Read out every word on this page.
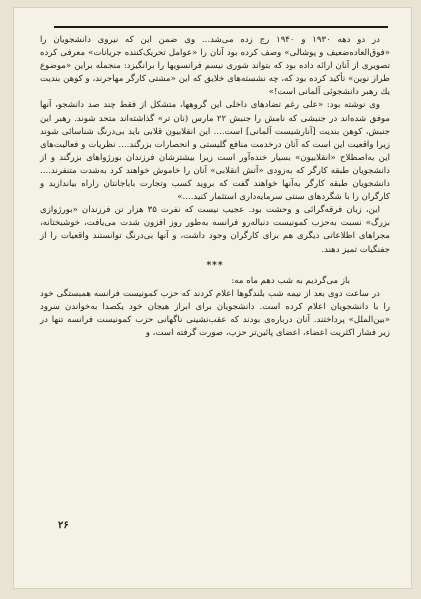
در دو دهه ۱۹۳۰ و ۱۹۴۰ رج زده می‌شد... وی ضمن این که نیروی دانشجویان را «فوق‌العاده‌ضعیف و پوشالی» وصف کرده بود آنان را «عوامل تحریک‌کننده جریانات» معرفی کرده تصویری از آنان ارائه داده بود که بتواند شوری نیسم فرانسویها را برانگیزد: منجمله براین «موضوع طراز نوین» تأکید کرده بود که، چه نشسته‌های خلایق که این «مشتی کارگر مهاجرند، و کوهن بندیت یك رهبر دانشجوئی آلمانی است!»

وی نوشته بود: «علی رغم تضادهای داخلی این گروهها، متشکل از فقط چند صد دانشجو، آنها موفق شده‌اند در جنبشی که نامش را جنبش ۲۲ مارس (نان تر» گذاشته‌اند متحد شوند. رهبر این جنبش، کوهن بندیت [آنارشیست آلمانی] است.... این انقلابیون قلابی باید بی‌درنگ شناسائی شوند زیرا واقعیت این است که آنان درخدمت منافع گلیستی و انحصارات بزرگند.... نظریات و فعالیت‌های این به‌اصطلاح «انقلابیون» بسیار خنده‌آور است زیرا بیشترشان فرزندان بورژواهای بزرگند و از دانشجویان طبقه کارگر که به‌زودی «آتش انقلابی» آنان را خاموش خواهند کرد به‌شدت متنفرند.... دانشجویان طبقه کارگر به‌آنها خواهند گفت که بروید کسب وتجارت باباجانتان راراه بیاندازید و کارگران را با شگردهای سنتی سرمایه‌داری استثمار کنید....»

این، زبان فرقه‌گرائی و وحشت بود. عجیب نیست که نفرت ۳۵ هزار تن فرزندان «بورژوازی بزرگ» نسبت به‌حزب کمونیست دنباله‌رو فرانسه به‌طور روز افزون شدت می‌یافت، خوشبختانه، مجراهای اطلاعاتی دیگری هم برای کارگران وجود داشت، و آنها بی‌درنگ توانستند واقعیات را از جفنگیات تمیز دهند.

***

باز می‌گردیم به شب دهم ماه مه:

در ساعت دوی بعد از نیمه شب بلندگوها اعلام کردند که حزب کمونیست فرانسه همبستگی خود را با دانشجویان اعلام کرده است. دانشجویان برای ابراز هیجان خود یکصدا به‌خواندن سرود «بین‌الملل» پرداختند. آنان درباره‌ی بودند که عقب‌نشینی ناگهانی حزب کمونیست فرانسه تنها در زیر فشار اکثریت اعضاء، اعضای پائین‌تر حزب، صورت گرفته است، و

۲۶
